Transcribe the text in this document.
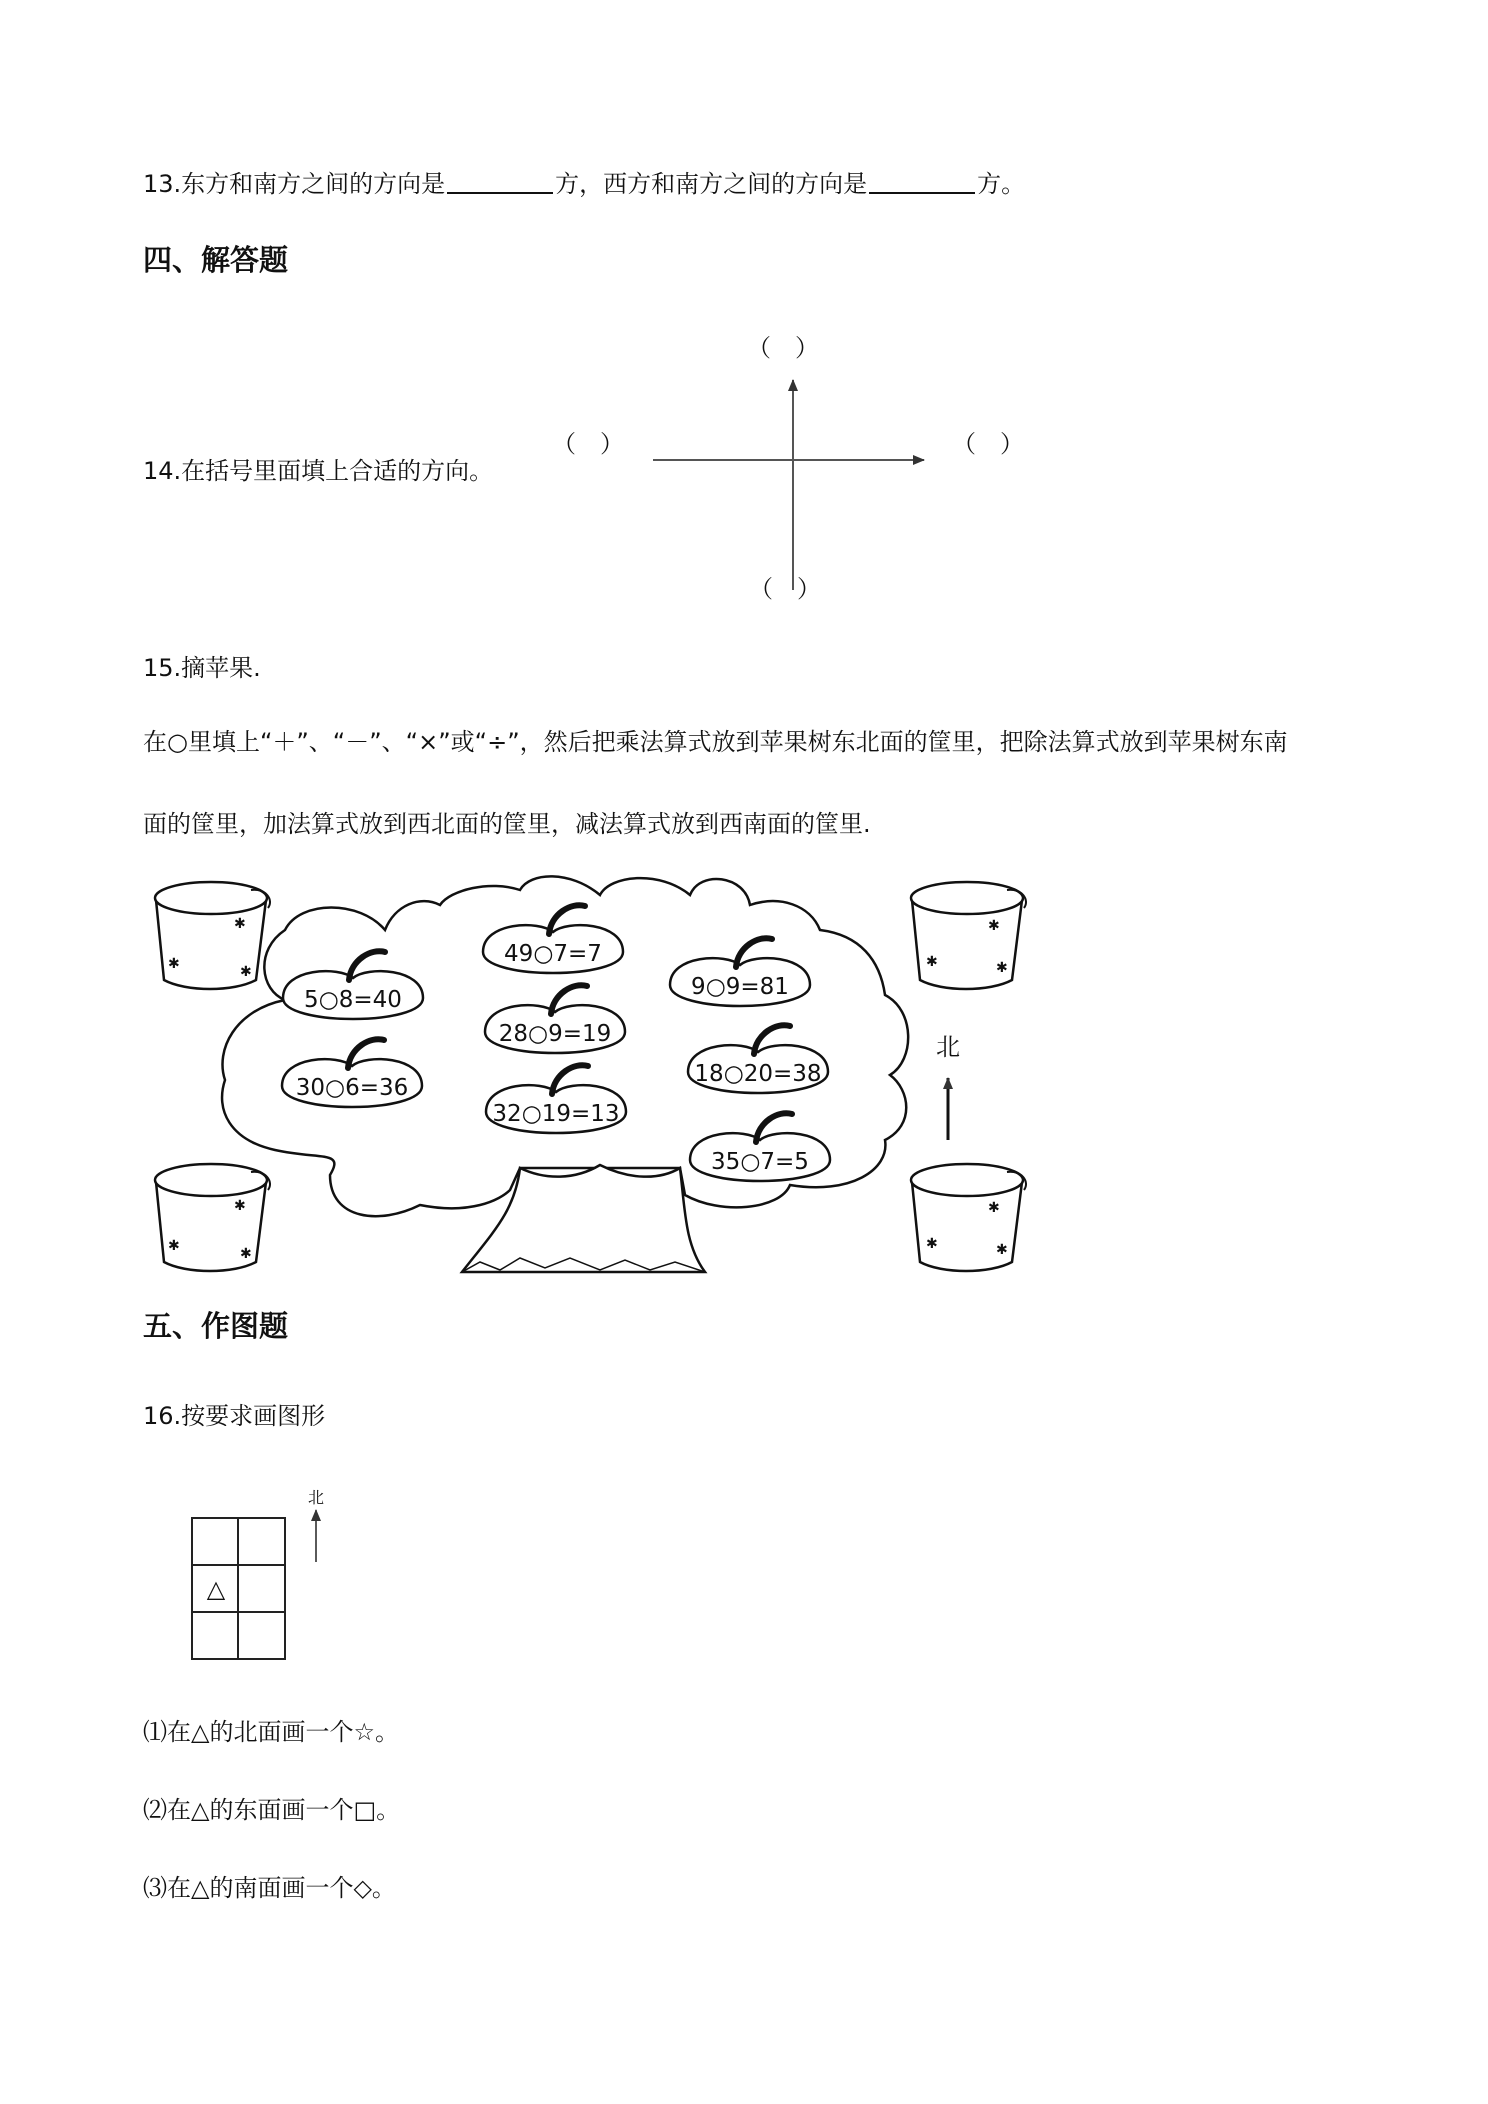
13.东方和南方之间的方向是	方，西方和南方之间的方向是	方。
四、解答题
14.在括号里面填上合适的方向。
（　）
（　）	（　）
（　）
15.摘苹果.
在○里填上“＋”、“－”、“×”或“÷”，然后把乘法算式放到苹果树东北面的筐里，把除法算式放到苹果树东南
面的筐里，加法算式放到西北面的筐里，减法算式放到西南面的筐里.
✱
✱	✱
✱
✱	✱
✱
✱	✱
✱
✱	✱
北
49○7=7
5○8=40	9○9=81
28○9=19
30○6=36
18○20=38
32○19=13
35○7=5
五、作图题
16.按要求画图形
△
北
⑴在△的北面画一个☆。
⑵在△的东面画一个□。
⑶在△的南面画一个◇。
